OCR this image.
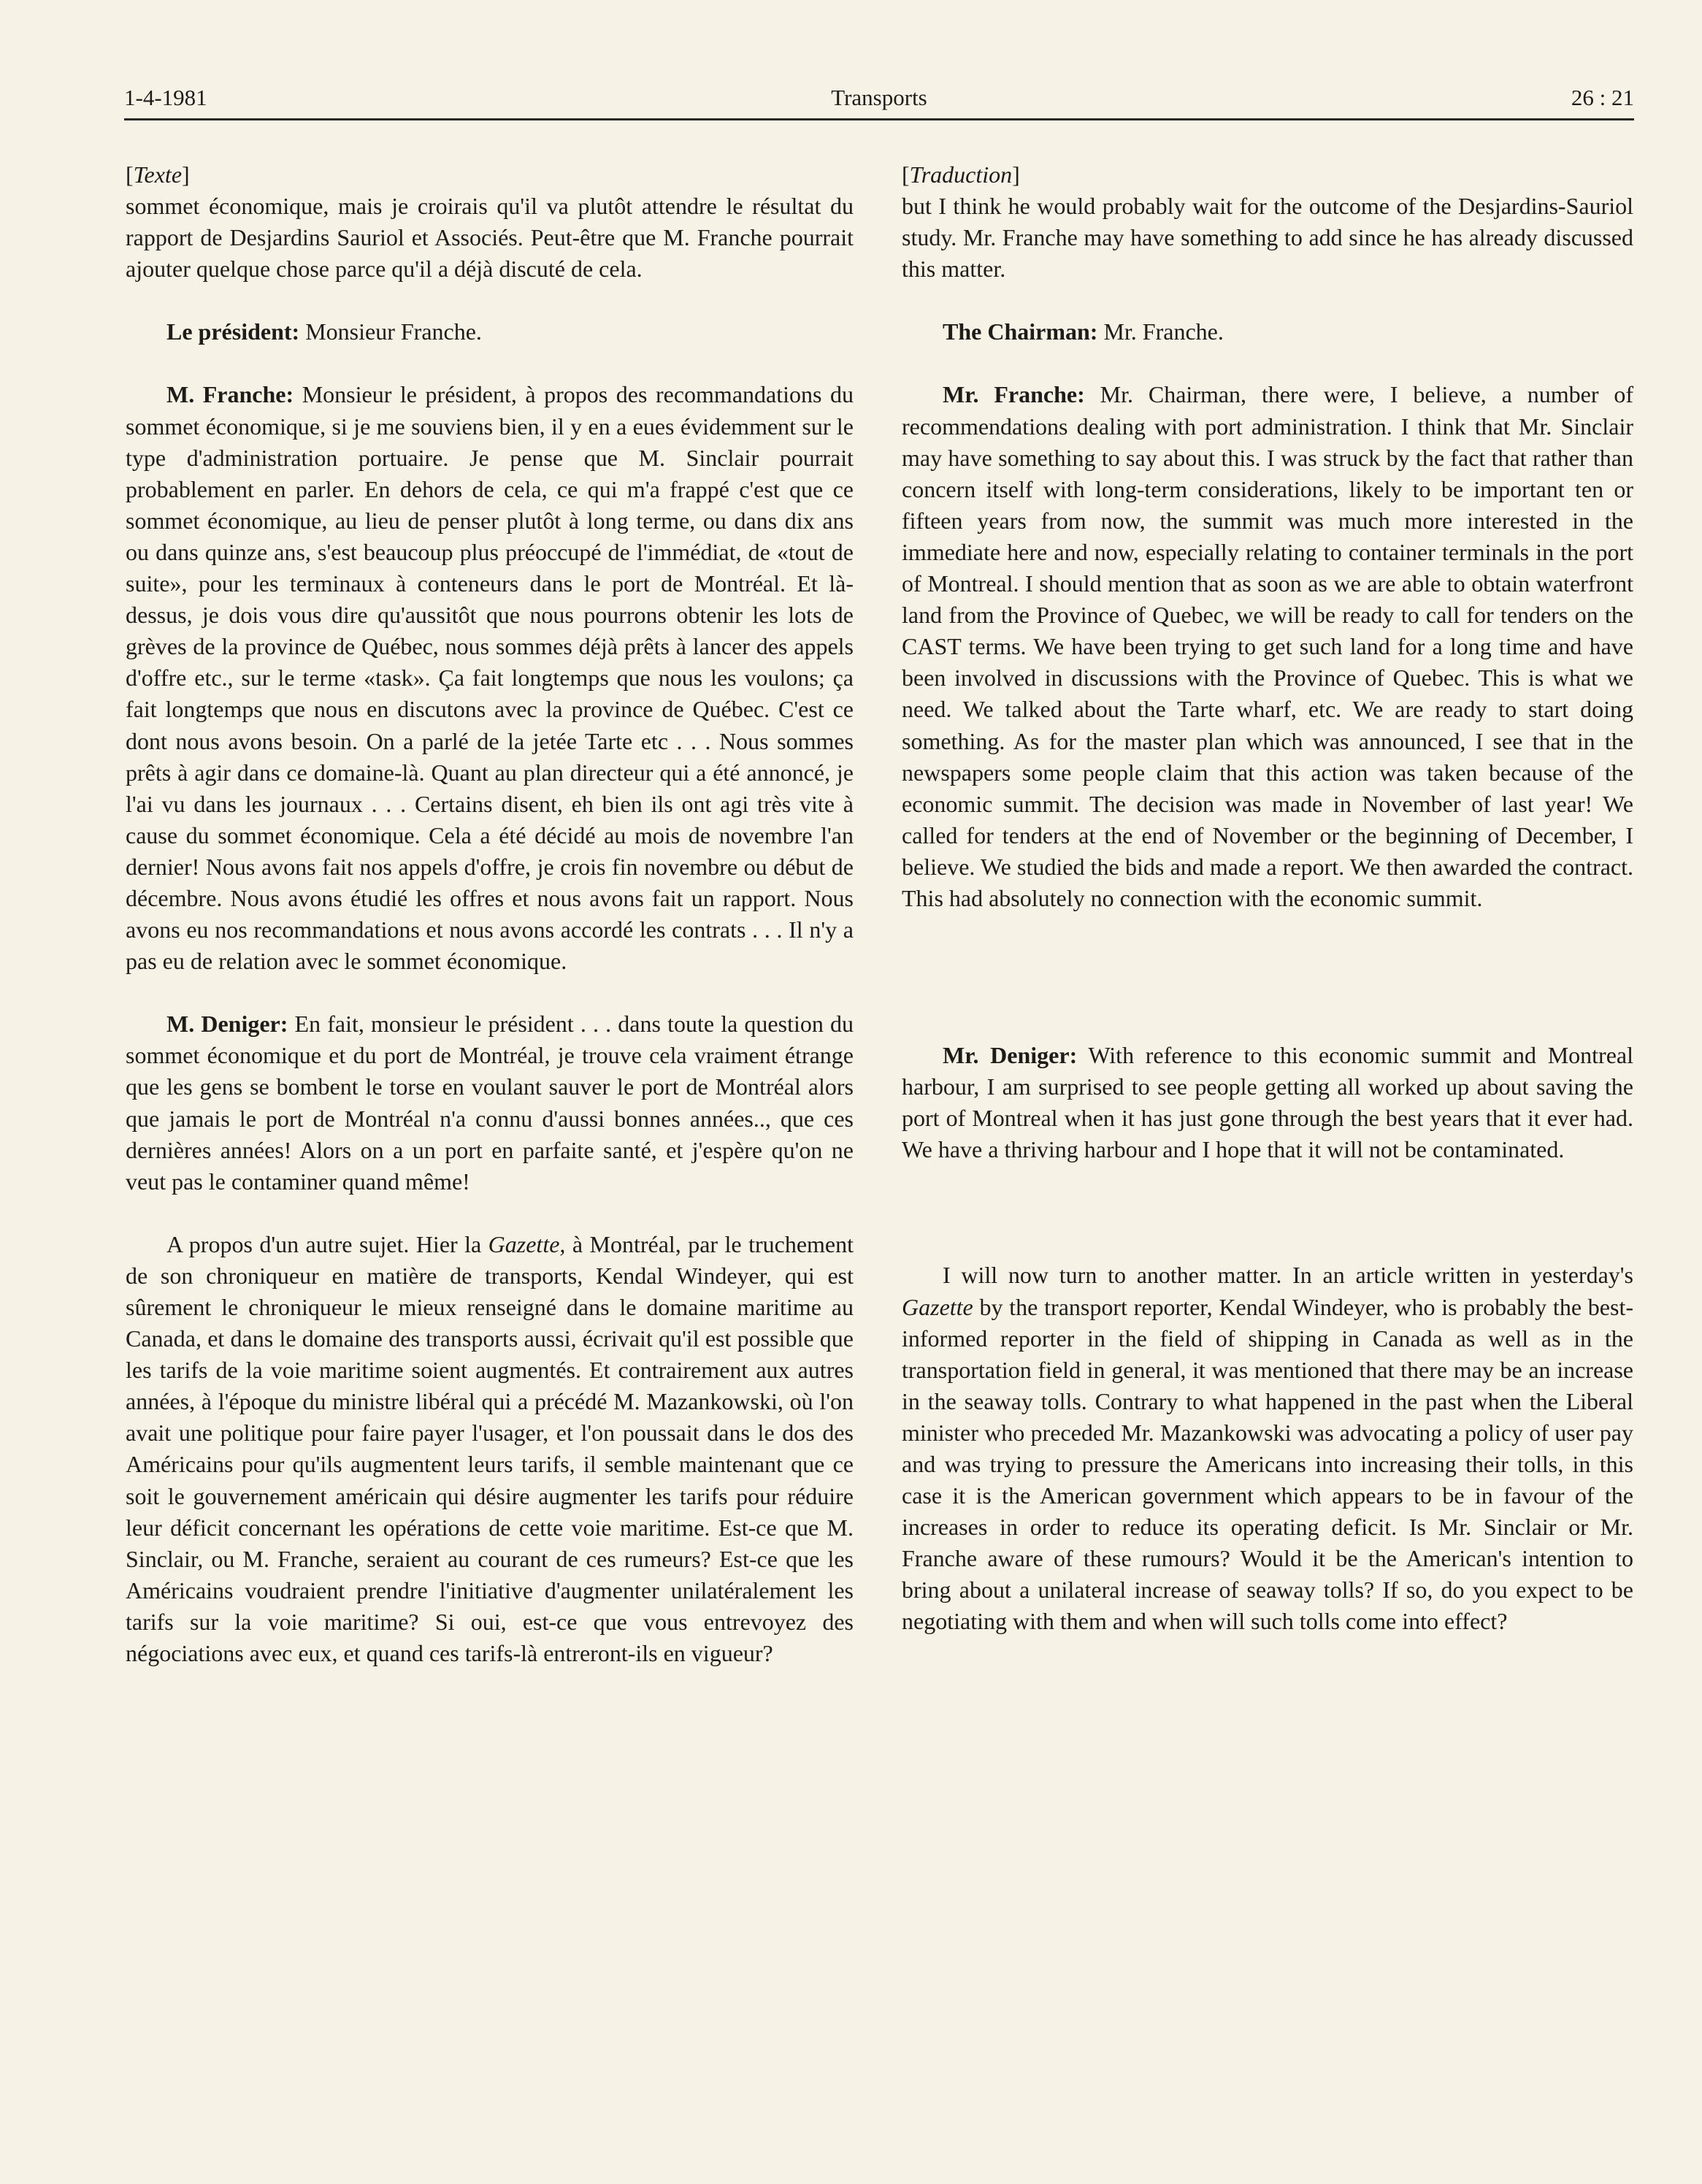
1-4-1981	Transports	26 : 21
[Texte]

sommet économique, mais je croirais qu'il va plutôt attendre le résultat du rapport de Desjardins Sauriol et Associés. Peut-être que M. Franche pourrait ajouter quelque chose parce qu'il a déjà discuté de cela.

Le président: Monsieur Franche.

M. Franche: Monsieur le président, à propos des recommandations du sommet économique, si je me souviens bien, il y en a eues évidemment sur le type d'administration portuaire. Je pense que M. Sinclair pourrait probablement en parler. En dehors de cela, ce qui m'a frappé c'est que ce sommet économique, au lieu de penser plutôt à long terme, ou dans dix ans ou dans quinze ans, s'est beaucoup plus préoccupé de l'immédiat, de «tout de suite», pour les terminaux à conteneurs dans le port de Montréal. Et là-dessus, je dois vous dire qu'aussitôt que nous pourrons obtenir les lots de grèves de la province de Québec, nous sommes déjà prêts à lancer des appels d'offre etc., sur le terme «task». Ça fait longtemps que nous les voulons; ça fait longtemps que nous en discutons avec la province de Québec. C'est ce dont nous avons besoin. On a parlé de la jetée Tarte etc . . . Nous sommes prêts à agir dans ce domaine-là. Quant au plan directeur qui a été annoncé, je l'ai vu dans les journaux . . . Certains disent, eh bien ils ont agi très vite à cause du sommet économique. Cela a été décidé au mois de novembre l'an dernier! Nous avons fait nos appels d'offre, je crois fin novembre ou début de décembre. Nous avons étudié les offres et nous avons fait un rapport. Nous avons eu nos recommandations et nous avons accordé les contrats . . . Il n'y a pas eu de relation avec le sommet économique.

M. Deniger: En fait, monsieur le président . . . dans toute la question du sommet économique et du port de Montréal, je trouve cela vraiment étrange que les gens se bombent le torse en voulant sauver le port de Montréal alors que jamais le port de Montréal n'a connu d'aussi bonnes années.., que ces dernières années! Alors on a un port en parfaite santé, et j'espère qu'on ne veut pas le contaminer quand même!

A propos d'un autre sujet. Hier la Gazette, à Montréal, par le truchement de son chroniqueur en matière de transports, Kendal Windeyer, qui est sûrement le chroniqueur le mieux renseigné dans le domaine maritime au Canada, et dans le domaine des transports aussi, écrivait qu'il est possible que les tarifs de la voie maritime soient augmentés. Et contrairement aux autres années, à l'époque du ministre libéral qui a précédé M. Mazankowski, où l'on avait une politique pour faire payer l'usager, et l'on poussait dans le dos des Américains pour qu'ils augmentent leurs tarifs, il semble maintenant que ce soit le gouvernement américain qui désire augmenter les tarifs pour réduire leur déficit concernant les opérations de cette voie maritime. Est-ce que M. Sinclair, ou M. Franche, seraient au courant de ces rumeurs? Est-ce que les Américains voudraient prendre l'initiative d'augmenter unilatéralement les tarifs sur la voie maritime? Si oui, est-ce que vous entrevoyez des négociations avec eux, et quand ces tarifs-là entreront-ils en vigueur?

[Traduction]

but I think he would probably wait for the outcome of the Desjardins-Sauriol study. Mr. Franche may have something to add since he has already discussed this matter.

The Chairman: Mr. Franche.

Mr. Franche: Mr. Chairman, there were, I believe, a number of recommendations dealing with port administration. I think that Mr. Sinclair may have something to say about this. I was struck by the fact that rather than concern itself with long-term considerations, likely to be important ten or fifteen years from now, the summit was much more interested in the immediate here and now, especially relating to container terminals in the port of Montreal. I should mention that as soon as we are able to obtain waterfront land from the Province of Quebec, we will be ready to call for tenders on the CAST terms. We have been trying to get such land for a long time and have been involved in discussions with the Province of Quebec. This is what we need. We talked about the Tarte wharf, etc. We are ready to start doing something. As for the master plan which was announced, I see that in the newspapers some people claim that this action was taken because of the economic summit. The decision was made in November of last year! We called for tenders at the end of November or the beginning of December, I believe. We studied the bids and made a report. We then awarded the contract. This had absolutely no connection with the economic summit.

Mr. Deniger: With reference to this economic summit and Montreal harbour, I am surprised to see people getting all worked up about saving the port of Montreal when it has just gone through the best years that it ever had. We have a thriving harbour and I hope that it will not be contaminated.

I will now turn to another matter. In an article written in yesterday's Gazette by the transport reporter, Kendal Windeyer, who is probably the best-informed reporter in the field of shipping in Canada as well as in the transportation field in general, it was mentioned that there may be an increase in the seaway tolls. Contrary to what happened in the past when the Liberal minister who preceded Mr. Mazankowski was advocating a policy of user pay and was trying to pressure the Americans into increasing their tolls, in this case it is the American government which appears to be in favour of the increases in order to reduce its operating deficit. Is Mr. Sinclair or Mr. Franche aware of these rumours? Would it be the American's intention to bring about a unilateral increase of seaway tolls? If so, do you expect to be negotiating with them and when will such tolls come into effect?
